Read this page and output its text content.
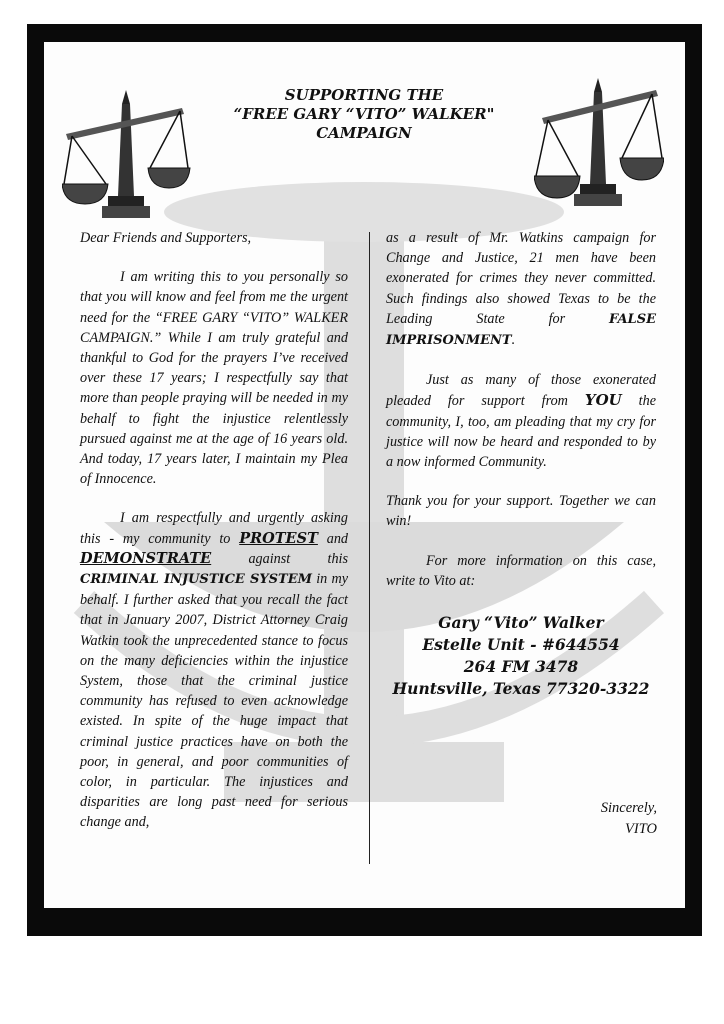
SUPPORTING THE
“FREE GARY “VITO” WALKER"
CAMPAIGN

Dear Friends and Supporters,

I am writing this to you personally so that you will know and feel from me the urgent need for the “FREE GARY “VITO” WALKER CAMPAIGN.” While I am truly grateful and thankful to God for the prayers I’ve received over these 17 years; I respectfully say that more than people praying will be needed in my behalf to fight the injustice relentlessly pursued against me at the age of 16 years old. And today, 17 years later, I maintain my Plea of Innocence.

I am respectfully and urgently asking this - my community to PROTEST and DEMONSTRATE	against this CRIMINAL INJUSTICE SYSTEM in my behalf. I further asked that you recall the fact that in January 2007, District Attorney Craig Watkin took the unprecedented stance to focus on the many deficiencies within the injustice System, those that the criminal justice community has refused to even acknowledge existed. In spite of the huge impact that criminal justice practices have on both the poor, in general, and poor communities of color, in particular. The injustices and disparities are long past need for serious change and,

as a result of Mr. Watkins campaign for Change and Justice, 21 men have been exonerated for crimes they never committed. Such findings also showed Texas to be the Leading State for	FALSE IMPRISONMENT.

Just as many of those exonerated pleaded for support from YOU the community, I, too, am pleading that my cry for justice will now be heard and responded to by a now informed Community.

Thank you for your support. Together we can win!

For more information on this case, write to Vito at:

Gary “Vito” Walker
Estelle Unit - #644554
264 FM 3478
Huntsville, Texas 77320-3322
Sincerely,
VITO
